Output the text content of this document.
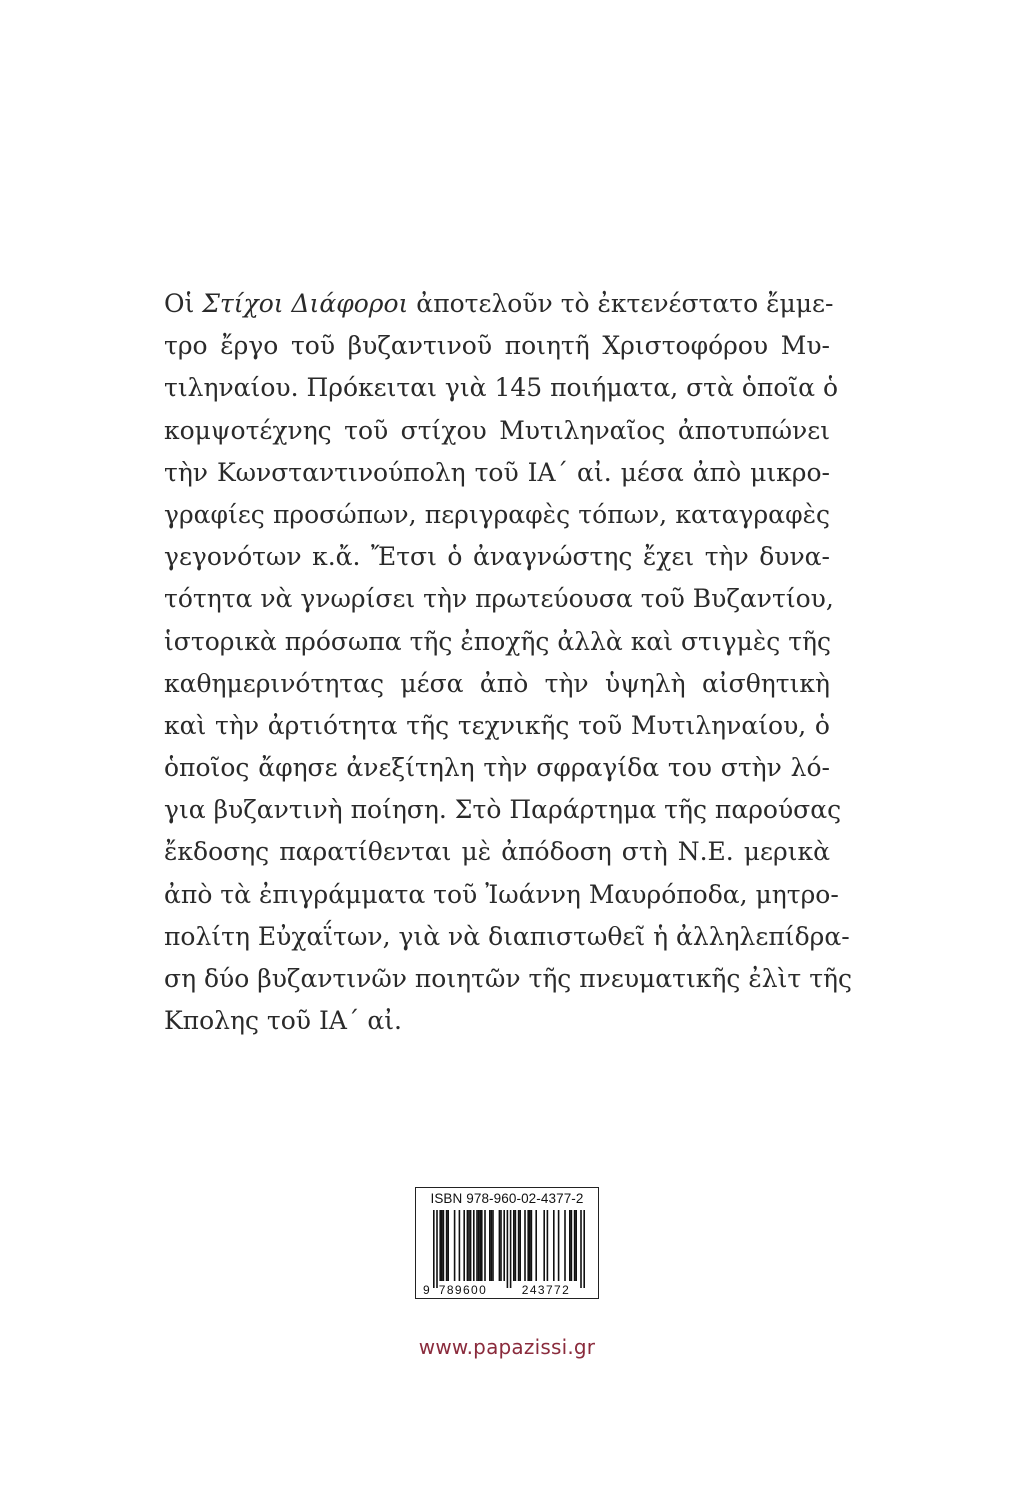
Οἱ Στίχοι Διάφοροι ἀποτελοῦν τὸ ἐκτενέστατο ἔμμε-
τρο ἔργο τοῦ βυζαντινοῦ ποιητῆ Χριστοφόρου Μυ-
τιληναίου. Πρόκειται γιὰ 145 ποιήματα, στὰ ὁποῖα ὁ
κομψοτέχνης τοῦ στίχου Μυτιληναῖος ἀποτυπώνει
τὴν Κωνσταντινούπολη τοῦ ΙΑ΄ αἰ. μέσα ἀπὸ μικρο-
γραφίες προσώπων, περιγραφὲς τόπων, καταγραφὲς
γεγονότων κ.ἄ. Ἔτσι ὁ ἀναγνώστης ἔχει τὴν δυνα-
τότητα νὰ γνωρίσει τὴν πρωτεύουσα τοῦ Βυζαντίου,
ἱστορικὰ πρόσωπα τῆς ἐποχῆς ἀλλὰ καὶ στιγμὲς τῆς
καθημερινότητας μέσα ἀπὸ τὴν ὑψηλὴ αἰσθητικὴ
καὶ τὴν ἀρτιότητα τῆς τεχνικῆς τοῦ Μυτιληναίου, ὁ
ὁποῖος ἄφησε ἀνεξίτηλη τὴν σφραγίδα του στὴν λό-
για βυζαντινὴ ποίηση. Στὸ Παράρτημα τῆς παρούσας
ἔκδοσης παρατίθενται μὲ ἀπόδοση στὴ Ν.Ε. μερικὰ
ἀπὸ τὰ ἐπιγράμματα τοῦ Ἰωάννη Μαυρόποδα, μητρο-
πολίτη Εὐχαΐτων, γιὰ νὰ διαπιστωθεῖ ἡ ἀλληλεπίδρα-
ση δύο βυζαντινῶν ποιητῶν τῆς πνευματικῆς ἐλὶτ τῆς
Κπολης τοῦ ΙΑ΄ αἰ.
ISBN 978-960-02-4377-2
9 789600	243772
www.papazissi.gr
